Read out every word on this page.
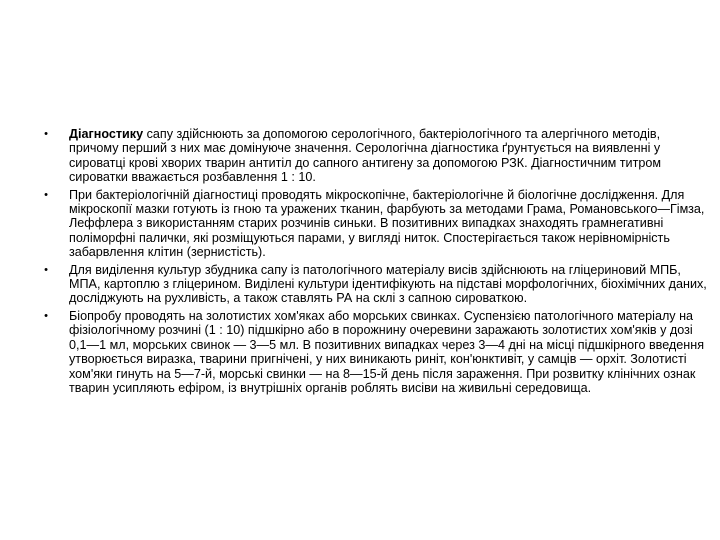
•	Діагностику сапу здійснюють за допомогою серологічного, бактеріологічного та алергічного методів, причому перший з них має домінуюче значення. Серологічна діагностика ґрунтується на виявленні у сироватці крові хворих тварин антитіл до сапного антигену за допомогою РЗК. Діагностичним титром сироватки вважається розбавлення 1 : 10.
•	При бактеріологічній діагностиці проводять мікроскопічне, бактеріологічне й біологічне дослідження. Для мікроскопії мазки готують із гною та уражених тканин, фарбують за методами Грама, Романовського—Гімза, Леффлера з використанням старих розчинів синьки. В позитивних випадках знаходять грамнегативні поліморфні палички, які розміщуються парами, у вигляді ниток. Спостерігається також нерівномірність забарвлення клітин (зернистість).
•	Для виділення культур збудника сапу із патологічного матеріалу висів здійснюють на гліцериновий МПБ, МПА, картоплю з гліцерином. Виділені культури ідентифікують на підставі морфологічних, біохімічних даних, досліджують на рухливість, а також ставлять РА на склі з сапною сироваткою.
•	Біопробу проводять на золотистих хом'яках або морських свинках. Суспензією патологічного матеріалу на фізіологічному розчині (1 : 10) підшкірно або в порожнину очеревини заражають золотистих хом'яків у дозі 0,1—1 мл, морських свинок — 3—5 мл. В позитивних випадках через 3—4 дні на місці підшкірного введення утворюється виразка, тварини пригнічені, у них виникають риніт, кон'юнктивіт, у самців — орхіт. Золотисті хом'яки гинуть на 5—7-й, морські свинки — на 8—15-й день після зараження. При розвитку клінічних ознак тварин усипляють ефіром, із внутрішніх органів роблять висіви на живильні середовища.
